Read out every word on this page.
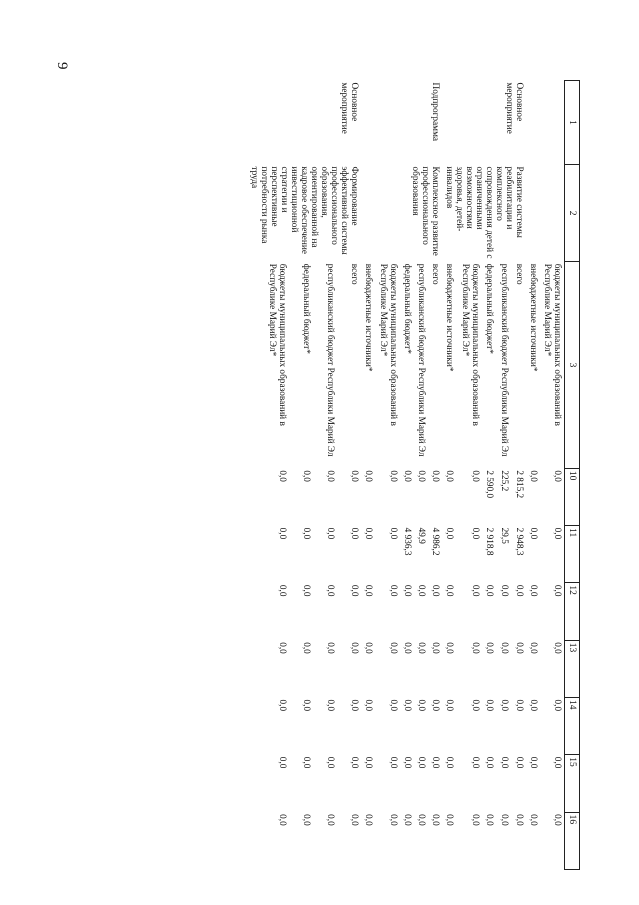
9
1	2	3	10	11	12	13	14	15	16
		бюджеты муниципальных образований в Республике Марий Эл*	0,0	0,0	0,0	0,0	0,0	0,0	0,0
		внебюджетные источники*	0,0	0,0	0,0	0,0	0,0	0,0	0,0
Основное мероприятие	Развитие системы реабилитации и комплексного сопровождения детей с ограниченными возможностями здоровья, детей-инвалидов	всего	2 815,2	2 948,3	0,0	0,0	0,0	0,0	0,0
		республиканский бюджет Республики Марий Эл	225,2	29,5	0,0	0,0	0,0	0,0	0,0
		федеральный бюджет*	2 590,0	2 918,8	0,0	0,0	0,0	0,0	0,0
		бюджеты муниципальных образований в Республике Марий Эл*	0,0	0,0	0,0	0,0	0,0	0,0	0,0
		внебюджетные источники*	0,0	0,0	0,0	0,0	0,0	0,0	0,0
Подпрограмма	Комплексное развитие профессионального образования	всего	0,0	4 986,2	0,0	0,0	0,0	0,0	0,0
		республиканский бюджет Республики Марий Эл	0,0	49,9	0,0	0,0	0,0	0,0	0,0
		федеральный бюджет*	0,0	4 936,3	0,0	0,0	0,0	0,0	0,0
		бюджеты муниципальных образований в Республике Марий Эл*	0,0	0,0	0,0	0,0	0,0	0,0	0,0
		внебюджетные источники*	0,0	0,0	0,0	0,0	0,0	0,0	0,0
Основное мероприятие	Формирование эффективной системы профессионального образования, ориентированной на кадровое обеспечение инвестиционной стратегии и перспективные потребности рынка труда	всего	0,0	0,0	0,0	0,0	0,0	0,0	0,0
		республиканский бюджет Республики Марий Эл	0,0	0,0	0,0	0,0	0,0	0,0	0,0
		федеральный бюджет*	0,0	0,0	0,0	0,0	0,0	0,0	0,0
		бюджеты муниципальных образований в Республике Марий Эл*	0,0	0,0	0,0	0,0	0,0	0,0	0,0
